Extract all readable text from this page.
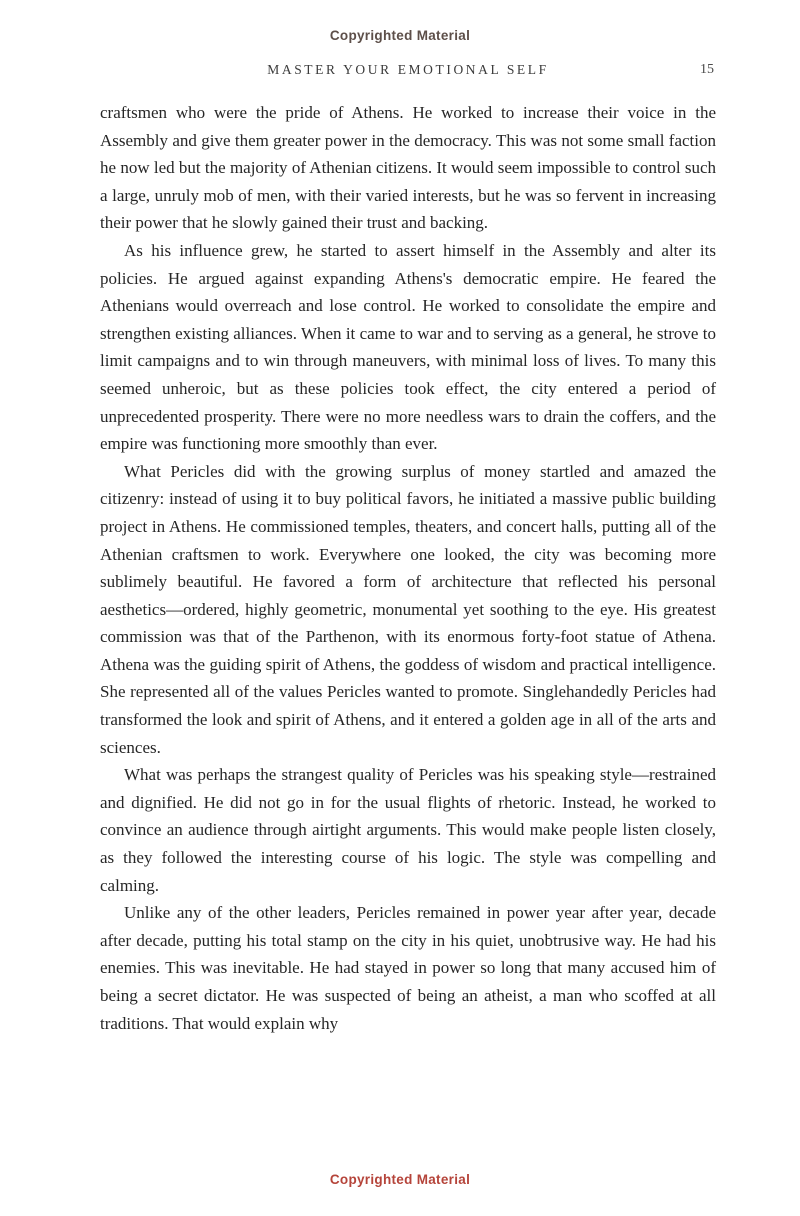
Copyrighted Material
MASTER YOUR EMOTIONAL SELF	15

craftsmen who were the pride of Athens. He worked to increase their voice in the Assembly and give them greater power in the democracy. This was not some small faction he now led but the majority of Athenian citizens. It would seem impossible to control such a large, unruly mob of men, with their varied interests, but he was so fervent in increasing their power that he slowly gained their trust and backing.

As his influence grew, he started to assert himself in the Assembly and alter its policies. He argued against expanding Athens's democratic empire. He feared the Athenians would overreach and lose control. He worked to consolidate the empire and strengthen existing alliances. When it came to war and to serving as a general, he strove to limit campaigns and to win through maneuvers, with minimal loss of lives. To many this seemed unheroic, but as these policies took effect, the city entered a period of unprecedented prosperity. There were no more needless wars to drain the coffers, and the empire was functioning more smoothly than ever.

What Pericles did with the growing surplus of money startled and amazed the citizenry: instead of using it to buy political favors, he initiated a massive public building project in Athens. He commissioned temples, theaters, and concert halls, putting all of the Athenian craftsmen to work. Everywhere one looked, the city was becoming more sublimely beautiful. He favored a form of architecture that reflected his personal aesthetics—ordered, highly geometric, monumental yet soothing to the eye. His greatest commission was that of the Parthenon, with its enormous forty-foot statue of Athena. Athena was the guiding spirit of Athens, the goddess of wisdom and practical intelligence. She represented all of the values Pericles wanted to promote. Singlehandedly Pericles had transformed the look and spirit of Athens, and it entered a golden age in all of the arts and sciences.

What was perhaps the strangest quality of Pericles was his speaking style—restrained and dignified. He did not go in for the usual flights of rhetoric. Instead, he worked to convince an audience through airtight arguments. This would make people listen closely, as they followed the interesting course of his logic. The style was compelling and calming.

Unlike any of the other leaders, Pericles remained in power year after year, decade after decade, putting his total stamp on the city in his quiet, unobtrusive way. He had his enemies. This was inevitable. He had stayed in power so long that many accused him of being a secret dictator. He was suspected of being an atheist, a man who scoffed at all traditions. That would explain why

Copyrighted Material
